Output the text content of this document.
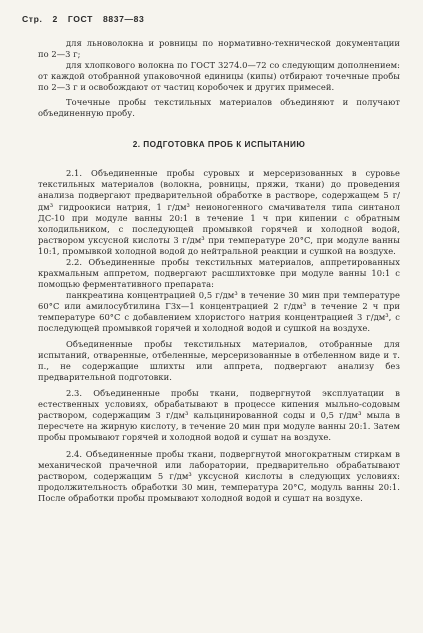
Стр. 2 ГОСТ 8837—83

для льноволокна и ровницы по нормативно-технической документации по 2—3 г;

для хлопкового волокна по ГОСТ 3274.0—72 со следующим дополнением: от каждой отобранной упаковочной единицы (кипы) отбирают точечные пробы по 2—3 г и освобождают от частиц коробочек и других примесей.

Точечные пробы текстильных материалов объединяют и получают объединенную пробу.

2. ПОДГОТОВКА ПРОБ К ИСПЫТАНИЮ

2.1. Объединенные пробы суровых и мерсеризованных в суровье текстильных материалов (волокна, ровницы, пряжи, ткани) до проведения анализа подвергают предварительной обработке в растворе, содержащем 5 г/дм³ гидроокиси натрия, 1 г/дм³ неионогенного смачивателя типа синтанол ДС-10 при модуле ванны 20:1 в течение 1 ч при кипении с обратным холодильником, с последующей промывкой горячей и холодной водой, раствором уксусной кислоты 3 г/дм³ при температуре 20°С, при модуле ванны 10:1, промывкой холодной водой до нейтральной реакции и сушкой на воздухе.

2.2. Объединенные пробы текстильных материалов, аппретированных крахмальным аппретом, подвергают расшлихтовке при модуле ванны 10:1 с помощью ферментативного препарата:

панкреатина концентрацией 0,5 г/дм³ в течение 30 мин при температуре 60°С или амилосубтилина Г3х—1 концентрацией 2 г/дм³ в течение 2 ч при температуре 60°С с добавлением хлористого натрия концентрацией 3 г/дм³, с последующей промывкой горячей и холодной водой и сушкой на воздухе.

Объединенные пробы текстильных материалов, отобранные для испытаний, отваренные, отбеленные, мерсеризованные в отбеленном виде и т. п., не содержащие шлихты или аппрета, подвергают анализу без предварительной подготовки.

2.3. Объединенные пробы ткани, подвергнутой эксплуатации в естественных условиях, обрабатывают в процессе кипения мыльно-содовым раствором, содержащим 3 г/дм³ кальцинированной соды и 0,5 г/дм³ мыла в пересчете на жирную кислоту, в течение 20 мин при модуле ванны 20:1. Затем пробы промывают горячей и холодной водой и сушат на воздухе.

2.4. Объединенные пробы ткани, подвергнутой многократным стиркам в механической прачечной или лаборатории, предварительно обрабатывают раствором, содержащим 5 г/дм³ уксусной кислоты в следующих условиях: продолжительность обработки 30 мин, температура 20°С, модуль ванны 20:1. После обработки пробы промывают холодной водой и сушат на воздухе.
